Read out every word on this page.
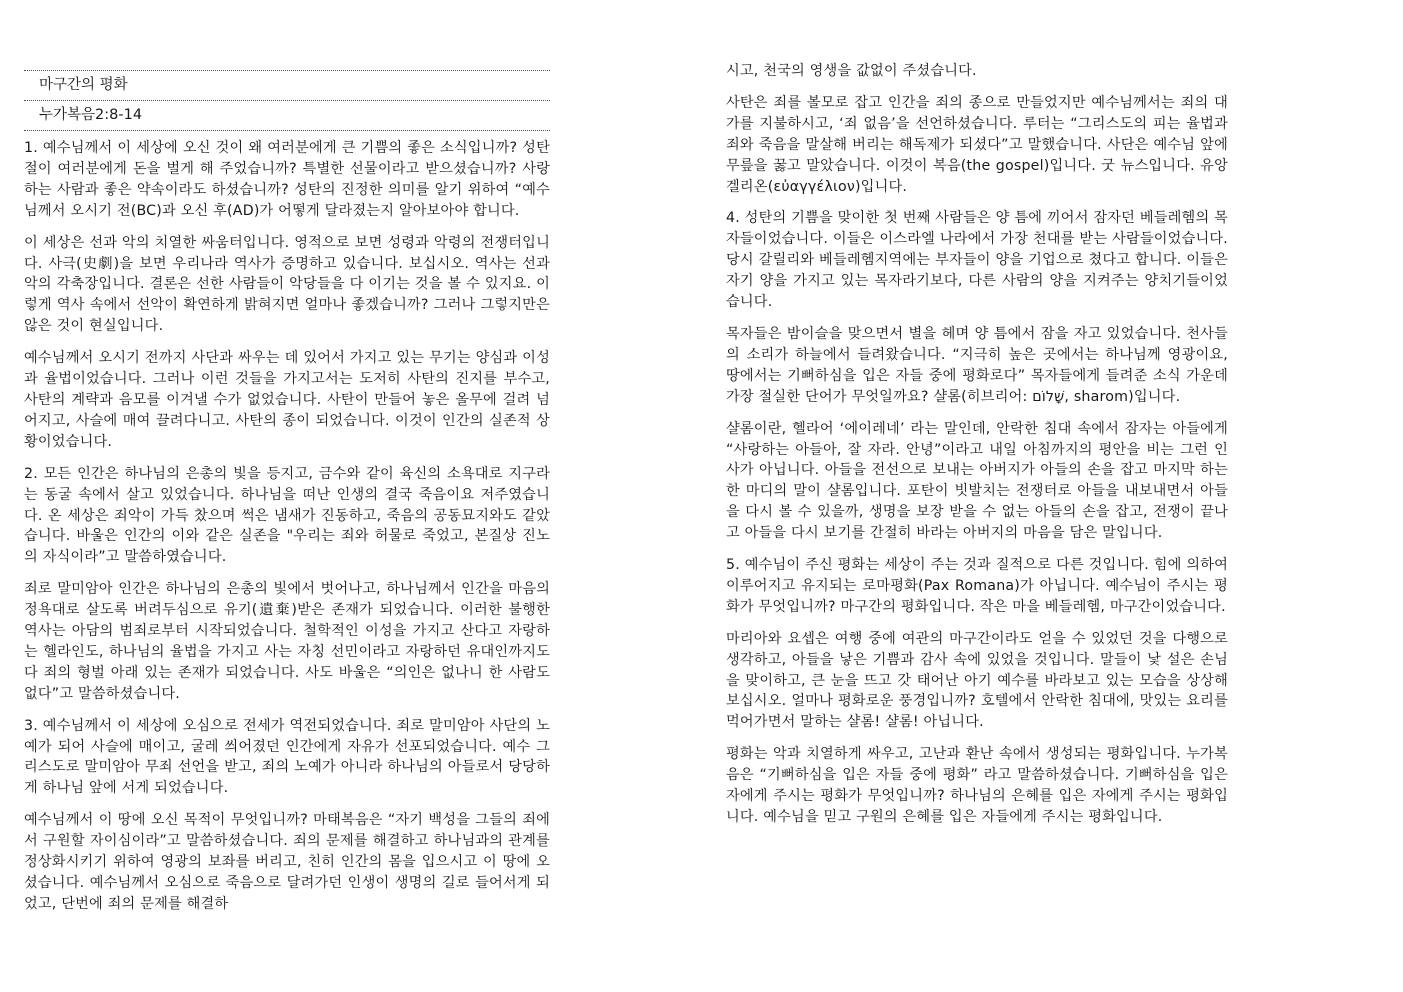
마구간의 평화
누가복음2:8-14

1. 예수님께서 이 세상에 오신 것이 왜 여러분에게 큰 기쁨의 좋은 소식입니까? 성탄절이 여러분에게 돈을 벌게 해 주었습니까? 특별한 선물이라고 받으셨습니까? 사랑하는 사람과 좋은 약속이라도 하셨습니까? 성탄의 진정한 의미를 알기 위하여 “예수님께서 오시기 전(BC)과 오신 후(AD)가 어떻게 달라졌는지 알아보아야 합니다.

이 세상은 선과 악의 치열한 싸움터입니다. 영적으로 보면 성령과 악령의 전쟁터입니다. 사극(史劇)을 보면 우리나라 역사가 증명하고 있습니다. 보십시오. 역사는 선과 악의 각축장입니다. 결론은 선한 사람들이 악당들을 다 이기는 것을 볼 수 있지요. 이렇게 역사 속에서 선악이 확연하게 밝혀지면 얼마나 좋겠습니까? 그러나 그렇지만은 않은 것이 현실입니다.

예수님께서 오시기 전까지 사단과 싸우는 데 있어서 가지고 있는 무기는 양심과 이성과 율법이었습니다. 그러나 이런 것들을 가지고서는 도저히 사탄의 진지를 부수고, 사탄의 계략과 음모를 이겨낼 수가 없었습니다. 사탄이 만들어 놓은 올무에 걸려 넘어지고, 사슬에 매여 끌려다니고. 사탄의 종이 되었습니다. 이것이 인간의 실존적 상황이었습니다.

2. 모든 인간은 하나님의 은총의 빛을 등지고, 금수와 같이 육신의 소욕대로 지구라는 동굴 속에서 살고 있었습니다. 하나님을 떠난 인생의 결국 죽음이요 저주였습니다. 온 세상은 죄악이 가득 찼으며 썩은 냄새가 진동하고, 죽음의 공동묘지와도 같았습니다. 바울은 인간의 이와 같은 실존을 "우리는 죄와 허물로 죽었고, 본질상 진노의 자식이라”고 말씀하였습니다.

죄로 말미암아 인간은 하나님의 은총의 빛에서 벗어나고, 하나님께서 인간을 마음의 정욕대로 살도록 버려두심으로 유기(遺棄)받은 존재가 되었습니다. 이러한 불행한 역사는 아담의 범죄로부터 시작되었습니다. 철학적인 이성을 가지고 산다고 자랑하는 헬라인도, 하나님의 율법을 가지고 사는 자칭 선민이라고 자랑하던 유대인까지도 다 죄의 형벌 아래 있는 존재가 되었습니다. 사도 바울은 “의인은 없나니 한 사람도 없다”고 말씀하셨습니다.

3. 예수님께서 이 세상에 오심으로 전세가 역전되었습니다. 죄로 말미암아 사단의 노예가 되어 사슬에 매이고, 굴레 씌어졌던 인간에게 자유가 선포되었습니다. 예수 그리스도로 말미암아 무죄 선언을 받고, 죄의 노예가 아니라 하나님의 아들로서 당당하게 하나님 앞에 서게 되었습니다.

예수님께서 이 땅에 오신 목적이 무엇입니까? 마태복음은 “자기 백성을 그들의 죄에서 구원할 자이심이라”고 말씀하셨습니다. 죄의 문제를 해결하고 하나님과의 관계를 정상화시키기 위하여 영광의 보좌를 버리고, 친히 인간의 몸을 입으시고 이 땅에 오셨습니다. 예수님께서 오심으로 죽음으로 달려가던 인생이 생명의 길로 들어서게 되었고, 단번에 죄의 문제를 해결하

시고, 천국의 영생을 값없이 주셨습니다.

사탄은 죄를 볼모로 잡고 인간을 죄의 종으로 만들었지만 예수님께서는 죄의 대가를 지불하시고, ‘죄 없음’을 선언하셨습니다. 루터는 “그리스도의 피는 율법과 죄와 죽음을 말살해 버리는 해독제가 되셨다”고 말했습니다. 사단은 예수님 앞에 무릎을 꿇고 말았습니다. 이것이 복음(the gospel)입니다. 굿 뉴스입니다. 유앙겔리온(εὐαγγέλιον)입니다.

4. 성탄의 기쁨을 맞이한 첫 번째 사람들은 양 틈에 끼어서 잠자던 베들레헴의 목자들이었습니다. 이들은 이스라엘 나라에서 가장 천대를 받는 사람들이었습니다. 당시 갈릴리와 베들레헴지역에는 부자들이 양을 기업으로 쳤다고 합니다. 이들은 자기 양을 가지고 있는 목자라기보다, 다른 사람의 양을 지켜주는 양치기들이었습니다.

목자들은 밤이슬을 맞으면서 별을 헤며 양 틈에서 잠을 자고 있었습니다. 천사들의 소리가 하늘에서 들려왔습니다. “지극히 높은 곳에서는 하나님께 영광이요, 땅에서는 기뻐하심을 입은 자들 중에 평화로다” 목자들에게 들려준 소식 가운데 가장 절실한 단어가 무엇일까요? 샬롬(히브리어: שָׁלוֹם, sharom)입니다.

샬롬이란, 헬라어 ‘에이레네’ 라는 말인데, 안락한 침대 속에서 잠자는 아들에게 “사랑하는 아들아, 잘 자라. 안녕”이라고 내일 아침까지의 평안을 비는 그런 인사가 아닙니다. 아들을 전선으로 보내는 아버지가 아들의 손을 잡고 마지막 하는 한 마디의 말이 샬롬입니다. 포탄이 빗발치는 전쟁터로 아들을 내보내면서 아들을 다시 볼 수 있을까, 생명을 보장 받을 수 없는 아들의 손을 잡고, 전쟁이 끝나고 아들을 다시 보기를 간절히 바라는 아버지의 마음을 담은 말입니다.

5. 예수님이 주신 평화는 세상이 주는 것과 질적으로 다른 것입니다. 힘에 의하여 이루어지고 유지되는 로마평화(Pax Romana)가 아닙니다. 예수님이 주시는 평화가 무엇입니까? 마구간의 평화입니다. 작은 마을 베들레헴, 마구간이었습니다.

마리아와 요셉은 여행 중에 여관의 마구간이라도 얻을 수 있었던 것을 다행으로 생각하고, 아들을 낳은 기쁨과 감사 속에 있었을 것입니다. 말들이 낯 설은 손님을 맞이하고, 큰 눈을 뜨고 갓 태어난 아기 예수를 바라보고 있는 모습을 상상해 보십시오. 얼마나 평화로운 풍경입니까? 호텔에서 안락한 침대에, 맛있는 요리를 먹어가면서 말하는 샬롬! 샬롬! 아닙니다.

평화는 악과 치열하게 싸우고, 고난과 환난 속에서 생성되는 평화입니다. 누가복음은 “기뻐하심을 입은 자들 중에 평화” 라고 말씀하셨습니다. 기뻐하심을 입은 자에게 주시는 평화가 무엇입니까? 하나님의 은혜를 입은 자에게 주시는 평화입니다. 예수님을 믿고 구원의 은혜를 입은 자들에게 주시는 평화입니다.
